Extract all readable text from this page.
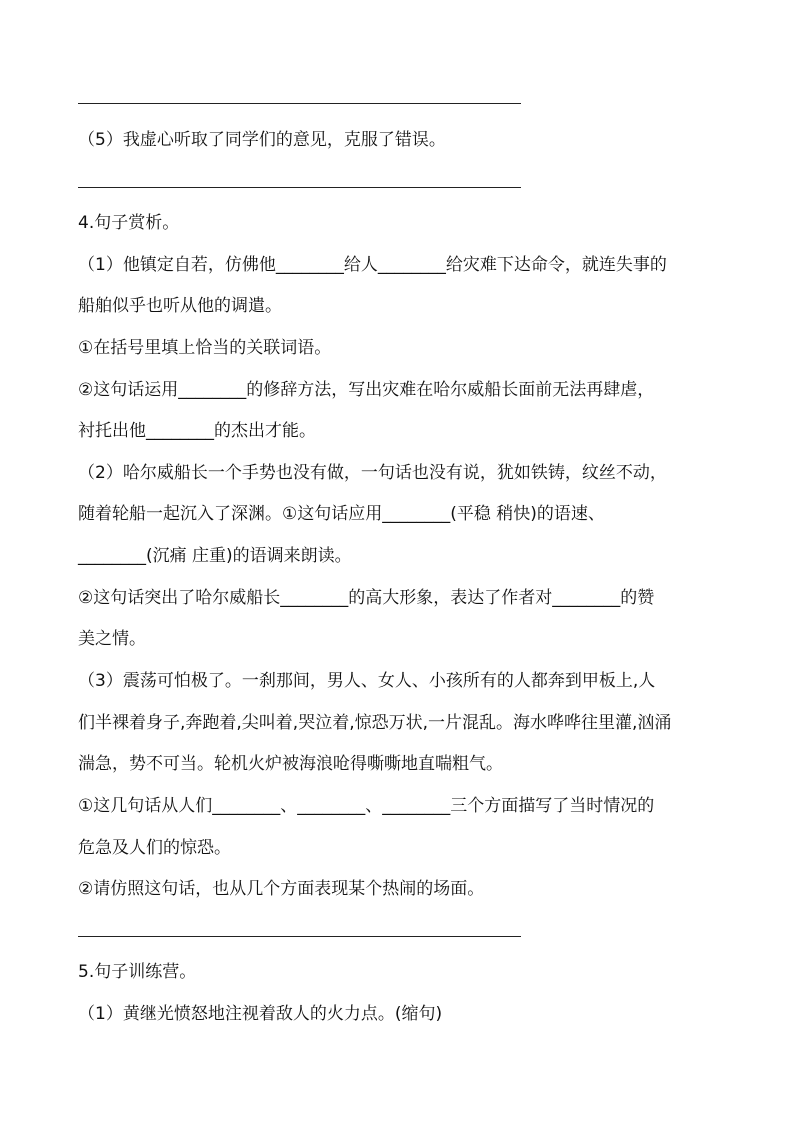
（5）我虚心听取了同学们的意见，克服了错误。
4.句子赏析。
（1）他镇定自若，仿佛他________给人________给灾难下达命令，就连失事的
船舶似乎也听从他的调遣。
①在括号里填上恰当的关联词语。
②这句话运用________的修辞方法，写出灾难在哈尔威船长面前无法再肆虐，
衬托出他________的杰出才能。
（2）哈尔威船长一个手势也没有做，一句话也没有说，犹如铁铸，纹丝不动，
随着轮船一起沉入了深渊。①这句话应用________(平稳 稍快)的语速、
________(沉痛 庄重)的语调来朗读。
②这句话突出了哈尔威船长________的高大形象，表达了作者对________的赞
美之情。
（3）震荡可怕极了。一刹那间，男人、女人、小孩所有的人都奔到甲板上,人
们半裸着身子,奔跑着,尖叫着,哭泣着,惊恐万状,一片混乱。海水哗哗往里灌,汹涌
湍急，势不可当。轮机火炉被海浪呛得嘶嘶地直喘粗气。
①这几句话从人们________、________、________三个方面描写了当时情况的
危急及人们的惊恐。
②请仿照这句话，也从几个方面表现某个热闹的场面。
5.句子训练营。
（1）黄继光愤怒地注视着敌人的火力点。(缩句)
